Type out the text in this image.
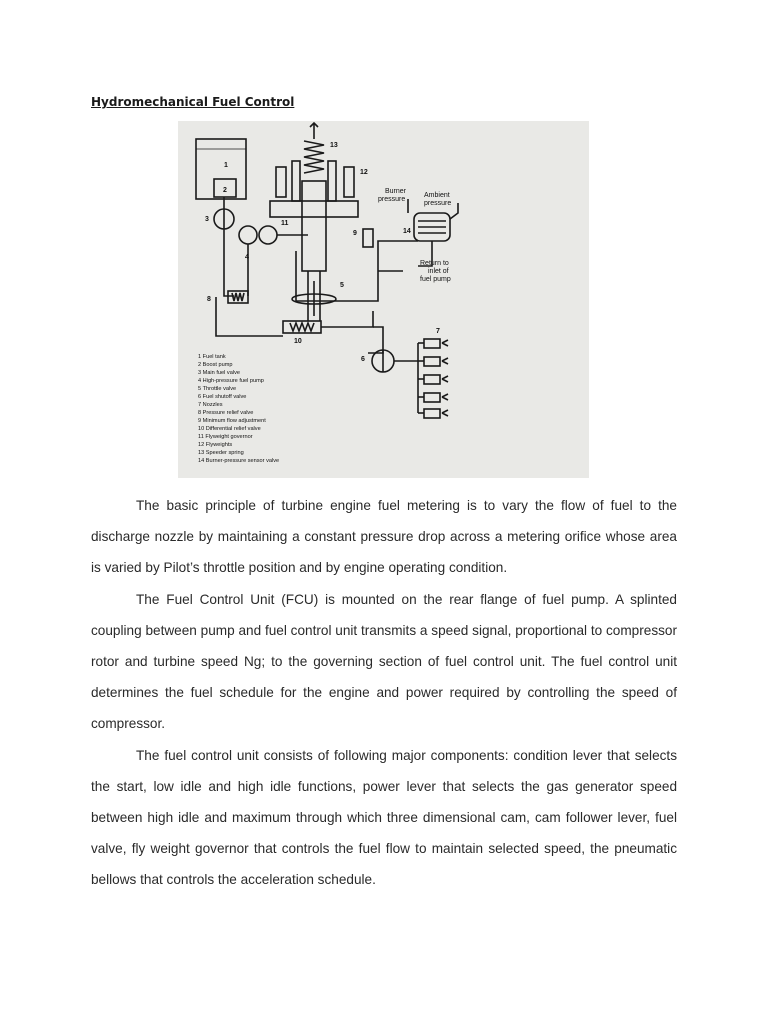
Hydromechanical Fuel Control
1
2
3
4
5
6
7
8
9
10
11
12
13
14
Burner
pressure
Ambient
pressure
Return to
inlet of
fuel pump
1 Fuel tank
2 Boost pump
3 Main fuel valve
4 High-pressure fuel pump
5 Throttle valve
6 Fuel shutoff valve
7 Nozzles
8 Pressure relief valve
9 Minimum flow adjustment
10 Differential relief valve
11 Flyweight governor
12 Flyweights
13 Speeder spring
14 Burner-pressure sensor valve

The basic principle of turbine engine fuel metering is to vary the flow of fuel to the discharge nozzle by maintaining a constant pressure drop across a metering orifice whose area is varied by Pilot’s throttle position and by engine operating condition.

The Fuel Control Unit (FCU) is mounted on the rear flange of fuel pump. A splinted coupling between pump and fuel control unit transmits a speed signal, proportional to compressor rotor and turbine speed Ng; to the governing section of fuel control unit. The fuel control unit determines the fuel schedule for the engine and power required by controlling the speed of compressor.

The fuel control unit consists of following major components: condition lever that selects the start, low idle and high idle functions, power lever that selects the gas generator speed between high idle and maximum through which three dimensional cam, cam follower lever, fuel valve, fly weight governor that controls the fuel flow to maintain selected speed, the pneumatic bellows that controls the acceleration schedule.
